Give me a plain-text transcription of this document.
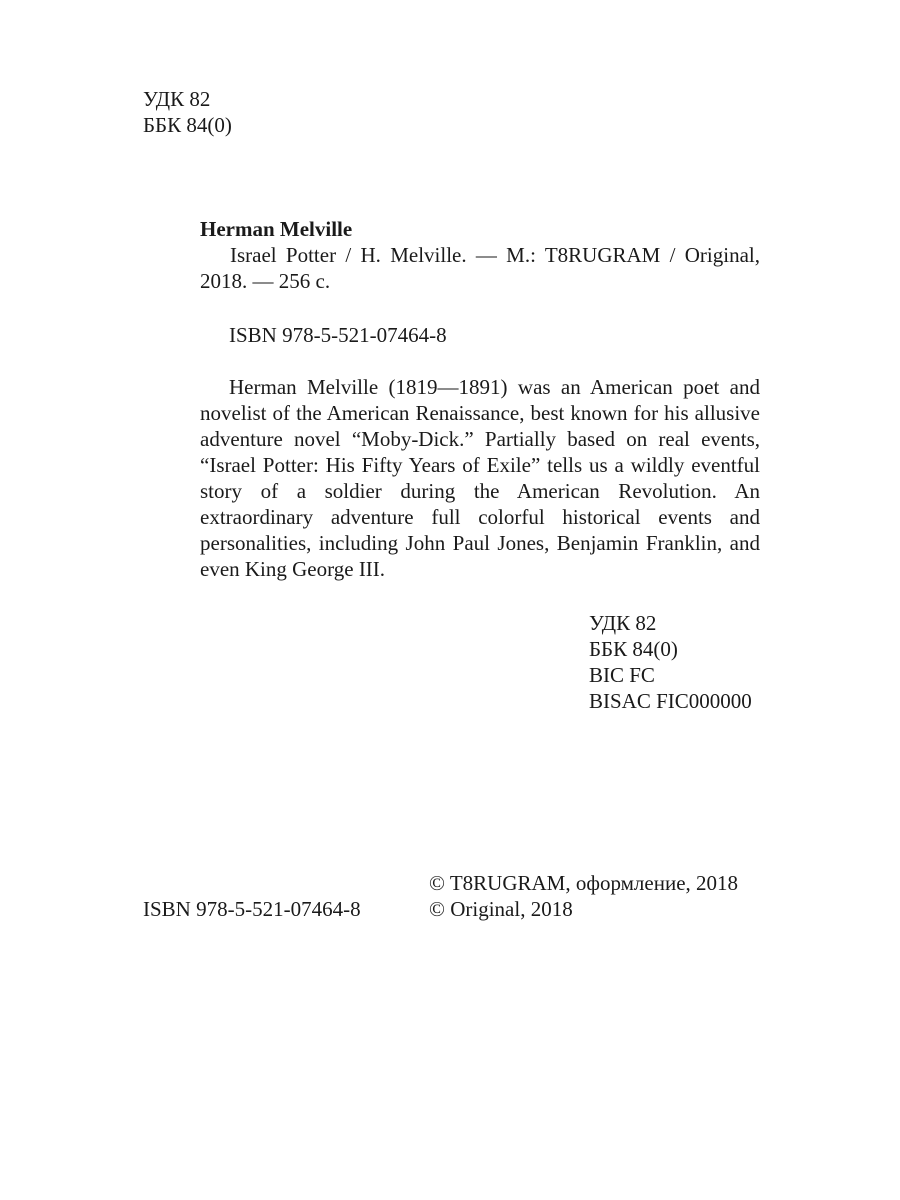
УДК 82
ББК 84(0)
Herman Melville
Israel Potter / H. Melville. — M.: T8RUGRAM / Original, 2018. — 256 с.
ISBN 978-5-521-07464-8
Herman Melville (1819—1891) was an American poet and novelist of the American Renaissance, best known for his allusive adventure novel “Moby-Dick.” Partially based on real events, “Israel Potter: His Fifty Years of Exile” tells us a wildly eventful story of a soldier during the American Revolution. An extraordinary adventure full colorful historical events and personalities, including John Paul Jones, Benjamin Franklin, and even King George III.
УДК 82
ББК 84(0)
BIC FC
BISAC FIC000000
ISBN 978-5-521-07464-8
© T8RUGRAM, оформление, 2018
© Original, 2018
